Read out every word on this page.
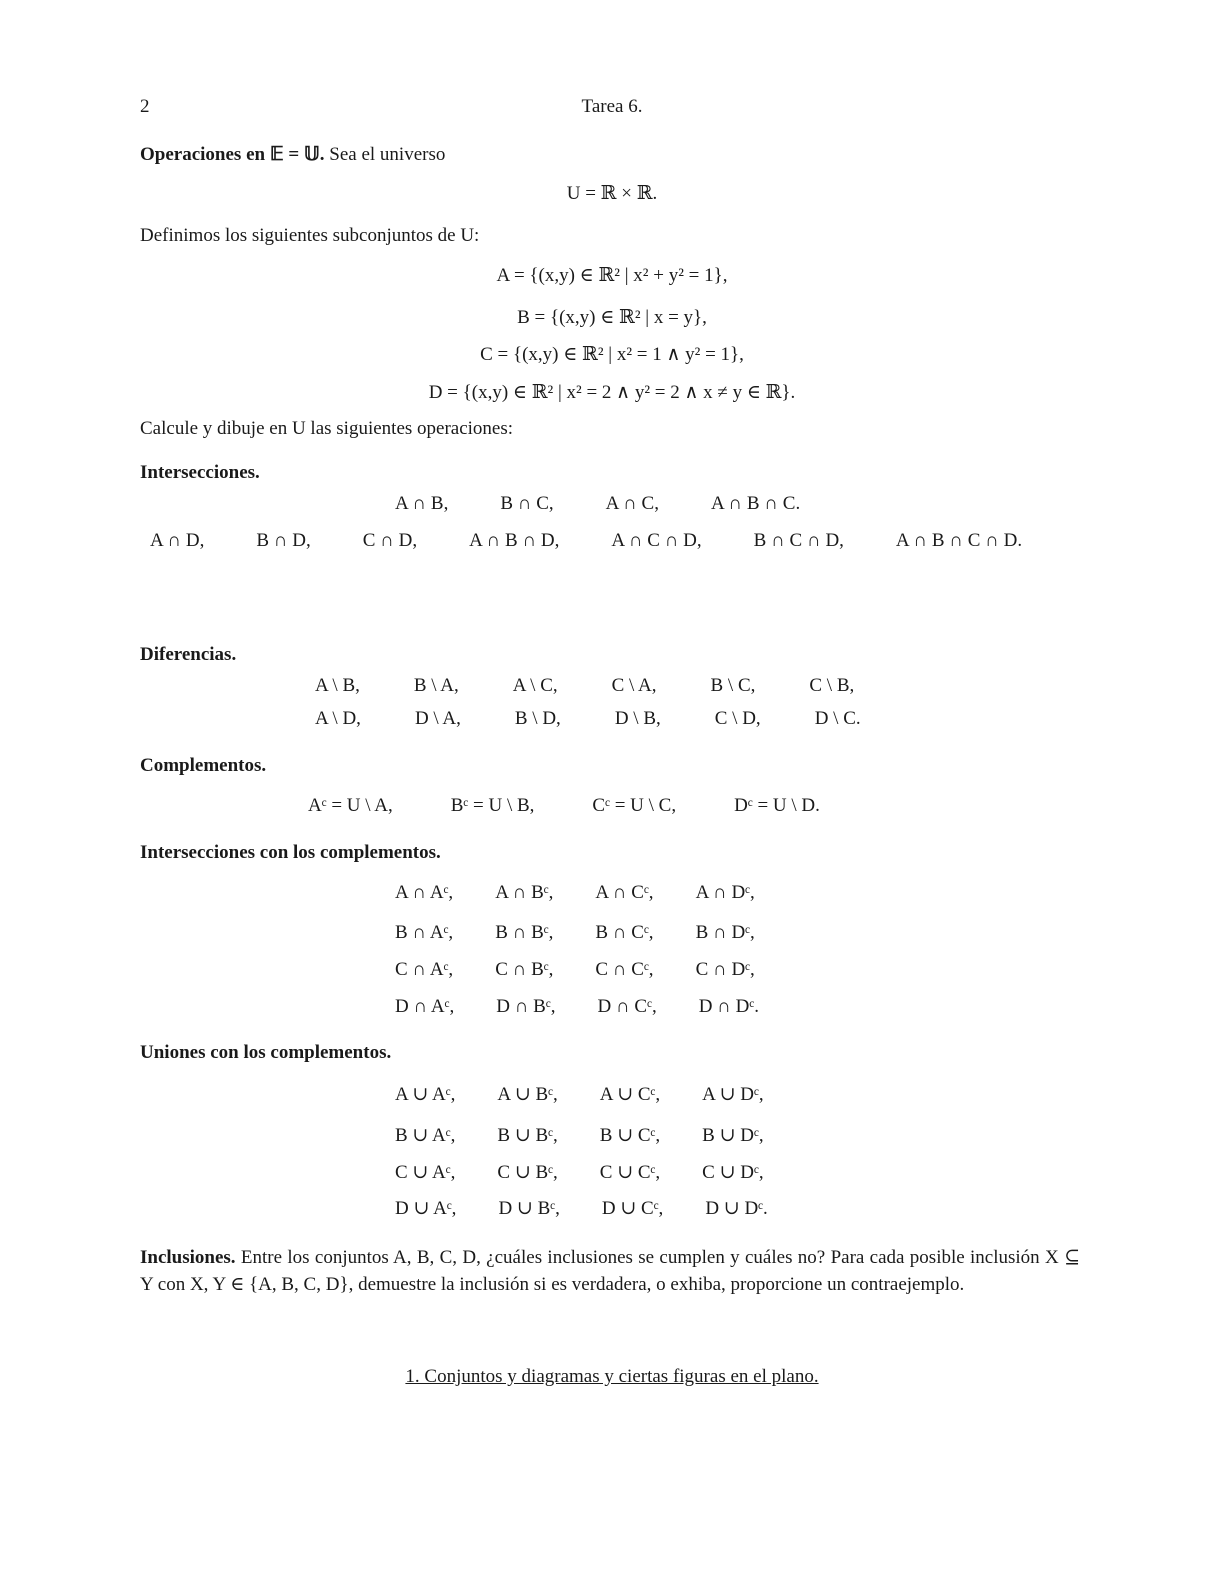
2	Tarea 6.
Operaciones en 𝔼 = 𝕌. Sea el universo
U = ℝ × ℝ.
Definimos los siguientes subconjuntos de U:
A = {(x,y) ∈ ℝ² | x² + y² = 1},
B = {(x,y) ∈ ℝ² | x = y},
C = {(x,y) ∈ ℝ² | x² = 1 ∧ y² = 1},
D = {(x,y) ∈ ℝ² | x² = 2 ∧ y² = 2 ∧ x ≠ y ∈ ℝ}.
Calcule y dibuje en U las siguientes operaciones:
Intersecciones.
A ∩ B,	B ∩ C,	A ∩ C,	A ∩ B ∩ C.
A ∩ D,	B ∩ D,	C ∩ D,	A ∩ B ∩ D,	A ∩ C ∩ D,	B ∩ C ∩ D,	A ∩ B ∩ C ∩ D.
Diferencias.
A \ B,	B \ A,	A \ C,	C \ A,	B \ C,	C \ B,
A \ D,	D \ A,	B \ D,	D \ B,	C \ D,	D \ C.
Complementos.
Aᶜ = U \ A,	Bᶜ = U \ B,	Cᶜ = U \ C,	Dᶜ = U \ D.
Intersecciones con los complementos.
A ∩ Aᶜ, A ∩ Bᶜ, A ∩ Cᶜ, A ∩ Dᶜ,
B ∩ Aᶜ, B ∩ Bᶜ, B ∩ Cᶜ, B ∩ Dᶜ,
C ∩ Aᶜ, C ∩ Bᶜ, C ∩ Cᶜ, C ∩ Dᶜ,
D ∩ Aᶜ, D ∩ Bᶜ, D ∩ Cᶜ, D ∩ Dᶜ.
Uniones con los complementos.
A ∪ Aᶜ, A ∪ Bᶜ, A ∪ Cᶜ, A ∪ Dᶜ,
B ∪ Aᶜ, B ∪ Bᶜ, B ∪ Cᶜ, B ∪ Dᶜ,
C ∪ Aᶜ, C ∪ Bᶜ, C ∪ Cᶜ, C ∪ Dᶜ,
D ∪ Aᶜ, D ∪ Bᶜ, D ∪ Cᶜ, D ∪ Dᶜ.
Inclusiones. Entre los conjuntos A, B, C, D, ¿cuáles inclusiones se cumplen y cuáles no? Para cada posible inclusión X ⊆ Y con X, Y ∈ {A, B, C, D}, demuestre la inclusión si es verdadera, o exhiba, proporcione un contraejemplo.
1. Conjuntos y diagramas y ciertas figuras en el plano.
